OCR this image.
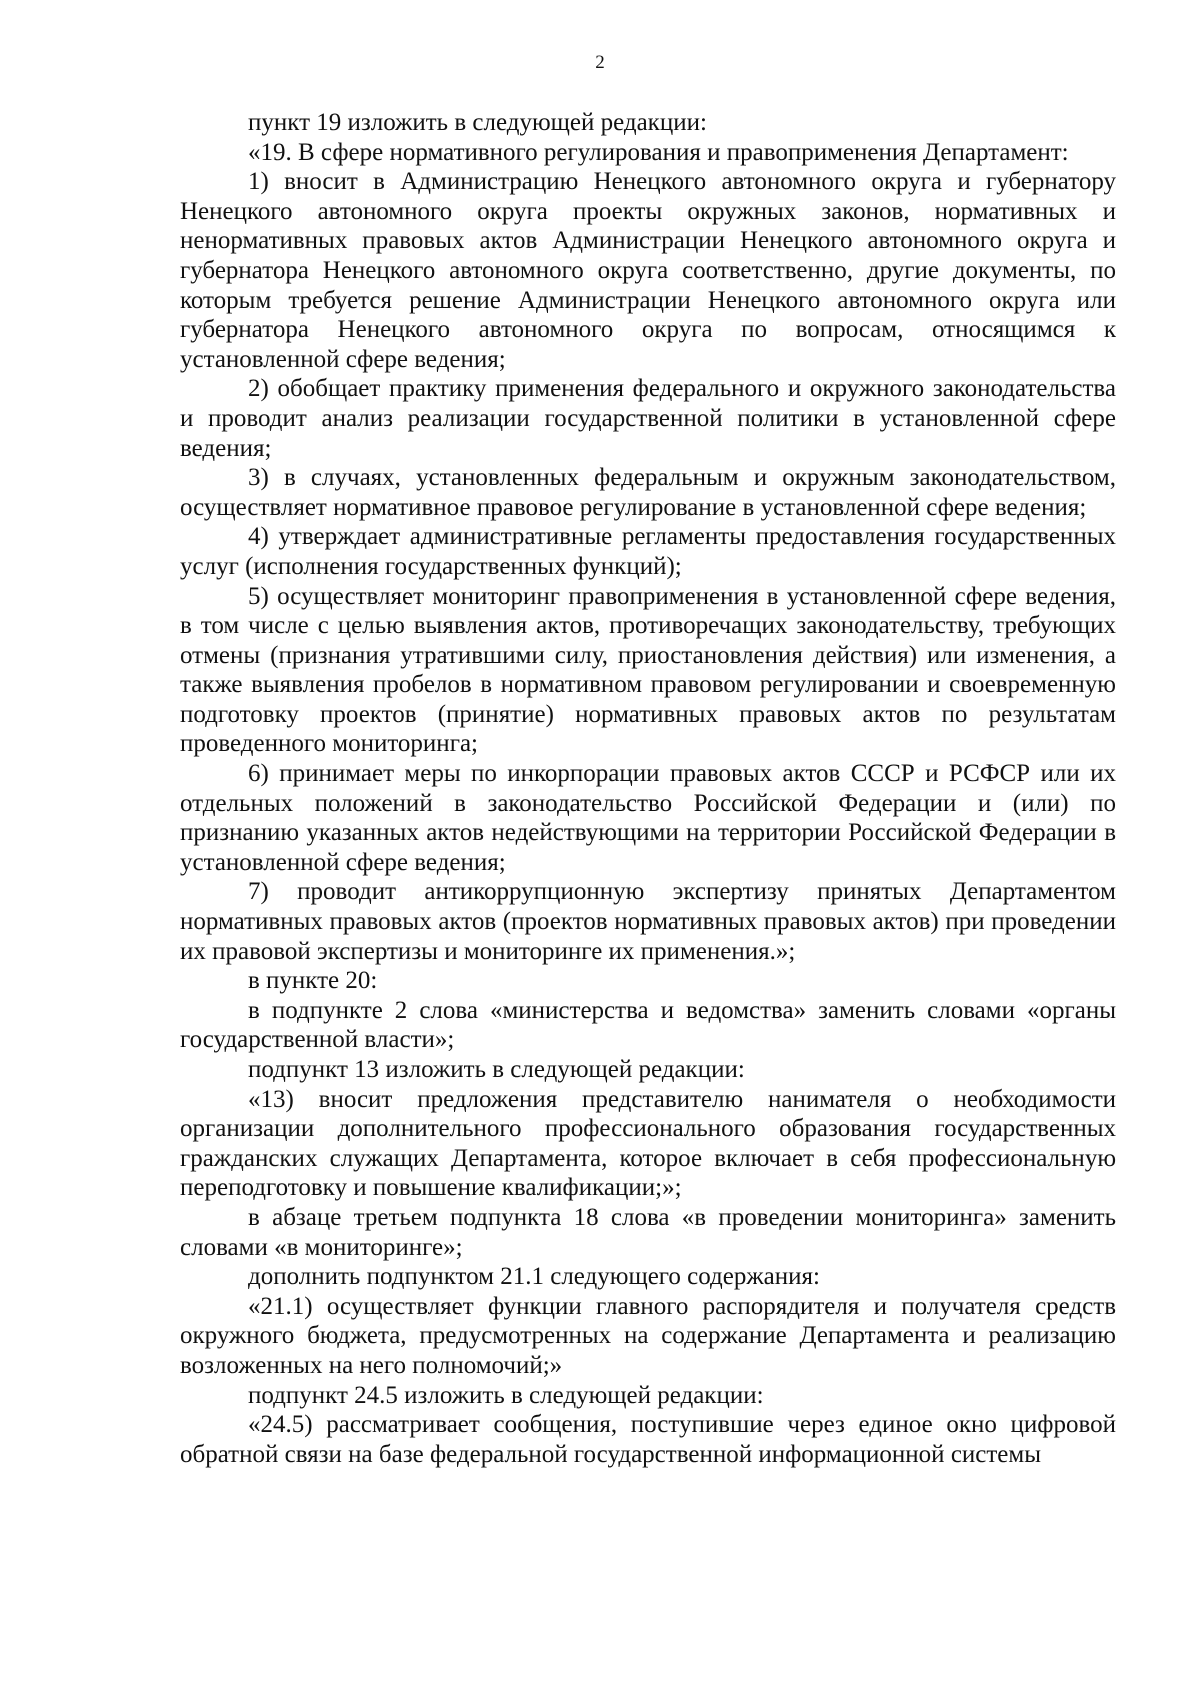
2

пункт 19 изложить в следующей редакции:

«19. В сфере нормативного регулирования и правоприменения Департамент:

1) вносит в Администрацию Ненецкого автономного округа и губернатору Ненецкого автономного округа проекты окружных законов, нормативных и ненормативных правовых актов Администрации Ненецкого автономного округа и губернатора Ненецкого автономного округа соответственно, другие документы, по которым требуется решение Администрации Ненецкого автономного округа или губернатора Ненецкого автономного округа по вопросам, относящимся к установленной сфере ведения;

2) обобщает практику применения федерального и окружного законодательства и проводит анализ реализации государственной политики в установленной сфере ведения;

3) в случаях, установленных федеральным и окружным законодательством, осуществляет нормативное правовое регулирование в установленной сфере ведения;

4) утверждает административные регламенты предоставления государственных услуг (исполнения государственных функций);

5) осуществляет мониторинг правоприменения в установленной сфере ведения, в том числе с целью выявления актов, противоречащих законодательству, требующих отмены (признания утратившими силу, приостановления действия) или изменения, а также выявления пробелов в нормативном правовом регулировании и своевременную подготовку проектов (принятие) нормативных правовых актов по результатам проведенного мониторинга;

6) принимает меры по инкорпорации правовых актов СССР и РСФСР или их отдельных положений в законодательство Российской Федерации и (или) по признанию указанных актов недействующими на территории Российской Федерации в установленной сфере ведения;

7) проводит антикоррупционную экспертизу принятых Департаментом нормативных правовых актов (проектов нормативных правовых актов) при проведении их правовой экспертизы и мониторинге их применения.»;

в пункте 20:

в подпункте 2 слова «министерства и ведомства» заменить словами «органы государственной власти»;

подпункт 13 изложить в следующей редакции:

«13) вносит предложения представителю нанимателя о необходимости организации дополнительного профессионального образования государственных гражданских служащих Департамента, которое включает в себя профессиональную переподготовку и повышение квалификации;»;

в абзаце третьем подпункта 18 слова «в проведении мониторинга» заменить словами «в мониторинге»;

дополнить подпунктом 21.1 следующего содержания:

«21.1) осуществляет функции главного распорядителя и получателя средств окружного бюджета, предусмотренных на содержание Департамента и реализацию возложенных на него полномочий;»

подпункт 24.5 изложить в следующей редакции:

«24.5) рассматривает сообщения, поступившие через единое окно цифровой обратной связи на базе федеральной государственной информационной системы
